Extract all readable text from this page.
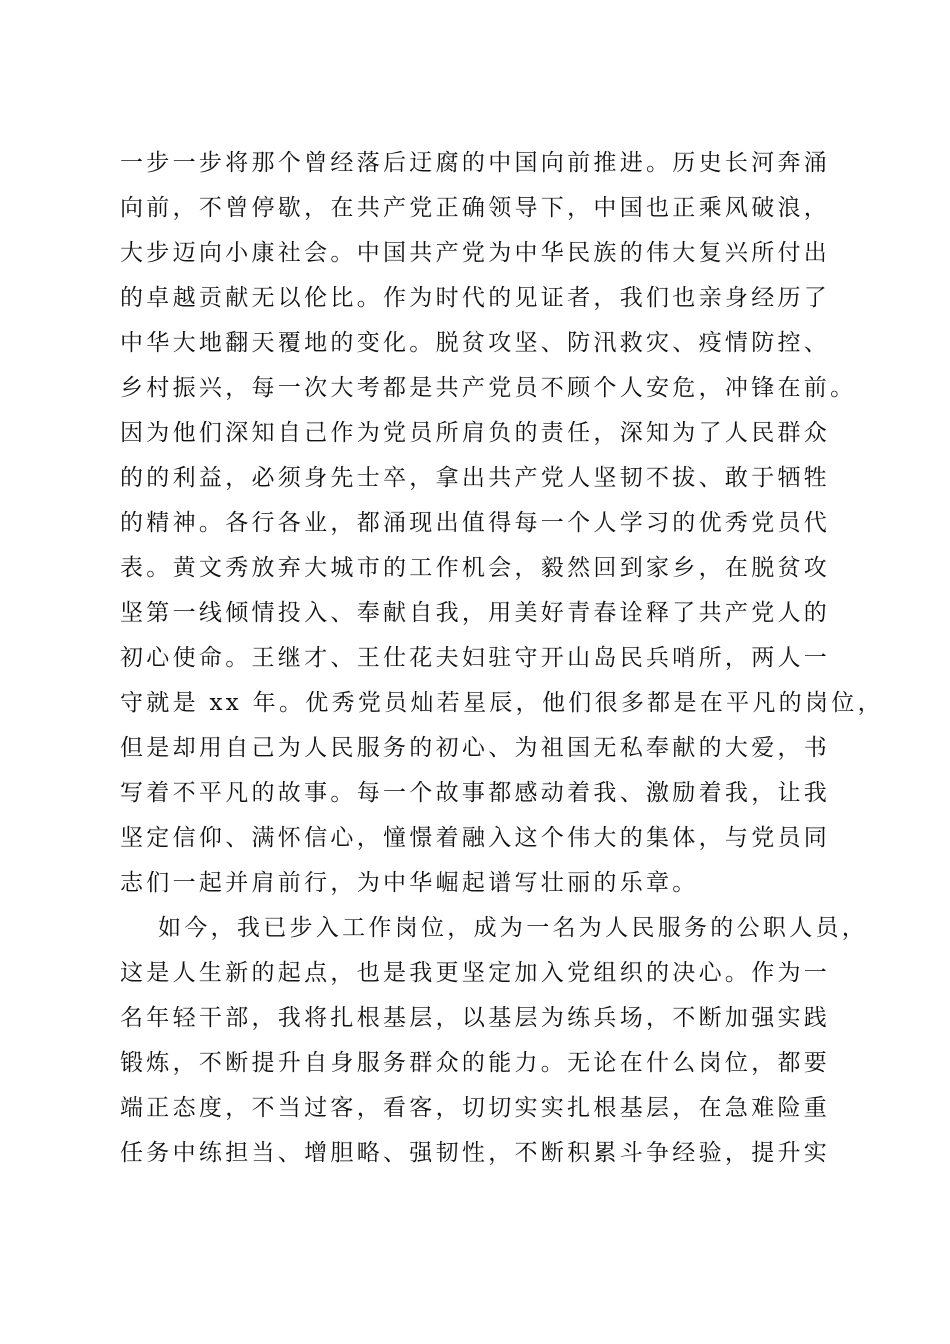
一步一步将那个曾经落后迂腐的中国向前推进。历史长河奔涌
向前，不曾停歇，在共产党正确领导下，中国也正乘风破浪，
大步迈向小康社会。中国共产党为中华民族的伟大复兴所付出
的卓越贡献无以伦比。作为时代的见证者，我们也亲身经历了
中华大地翻天覆地的变化。脱贫攻坚、防汛救灾、疫情防控、
乡村振兴，每一次大考都是共产党员不顾个人安危，冲锋在前。
因为他们深知自己作为党员所肩负的责任，深知为了人民群众
的的利益，必须身先士卒，拿出共产党人坚韧不拔、敢于牺牲
的精神。各行各业，都涌现出值得每一个人学习的优秀党员代
表。黄文秀放弃大城市的工作机会，毅然回到家乡，在脱贫攻
坚第一线倾情投入、奉献自我，用美好青春诠释了共产党人的
初心使命。王继才、王仕花夫妇驻守开山岛民兵哨所，两人一
守就是 xx 年。优秀党员灿若星辰，他们很多都是在平凡的岗位，
但是却用自己为人民服务的初心、为祖国无私奉献的大爱，书
写着不平凡的故事。每一个故事都感动着我、激励着我，让我
坚定信仰、满怀信心，憧憬着融入这个伟大的集体，与党员同
志们一起并肩前行，为中华崛起谱写壮丽的乐章。
如今，我已步入工作岗位，成为一名为人民服务的公职人员，
这是人生新的起点，也是我更坚定加入党组织的决心。作为一
名年轻干部，我将扎根基层，以基层为练兵场，不断加强实践
锻炼，不断提升自身服务群众的能力。无论在什么岗位，都要
端正态度，不当过客，看客，切切实实扎根基层，在急难险重
任务中练担当、增胆略、强韧性，不断积累斗争经验，提升实
